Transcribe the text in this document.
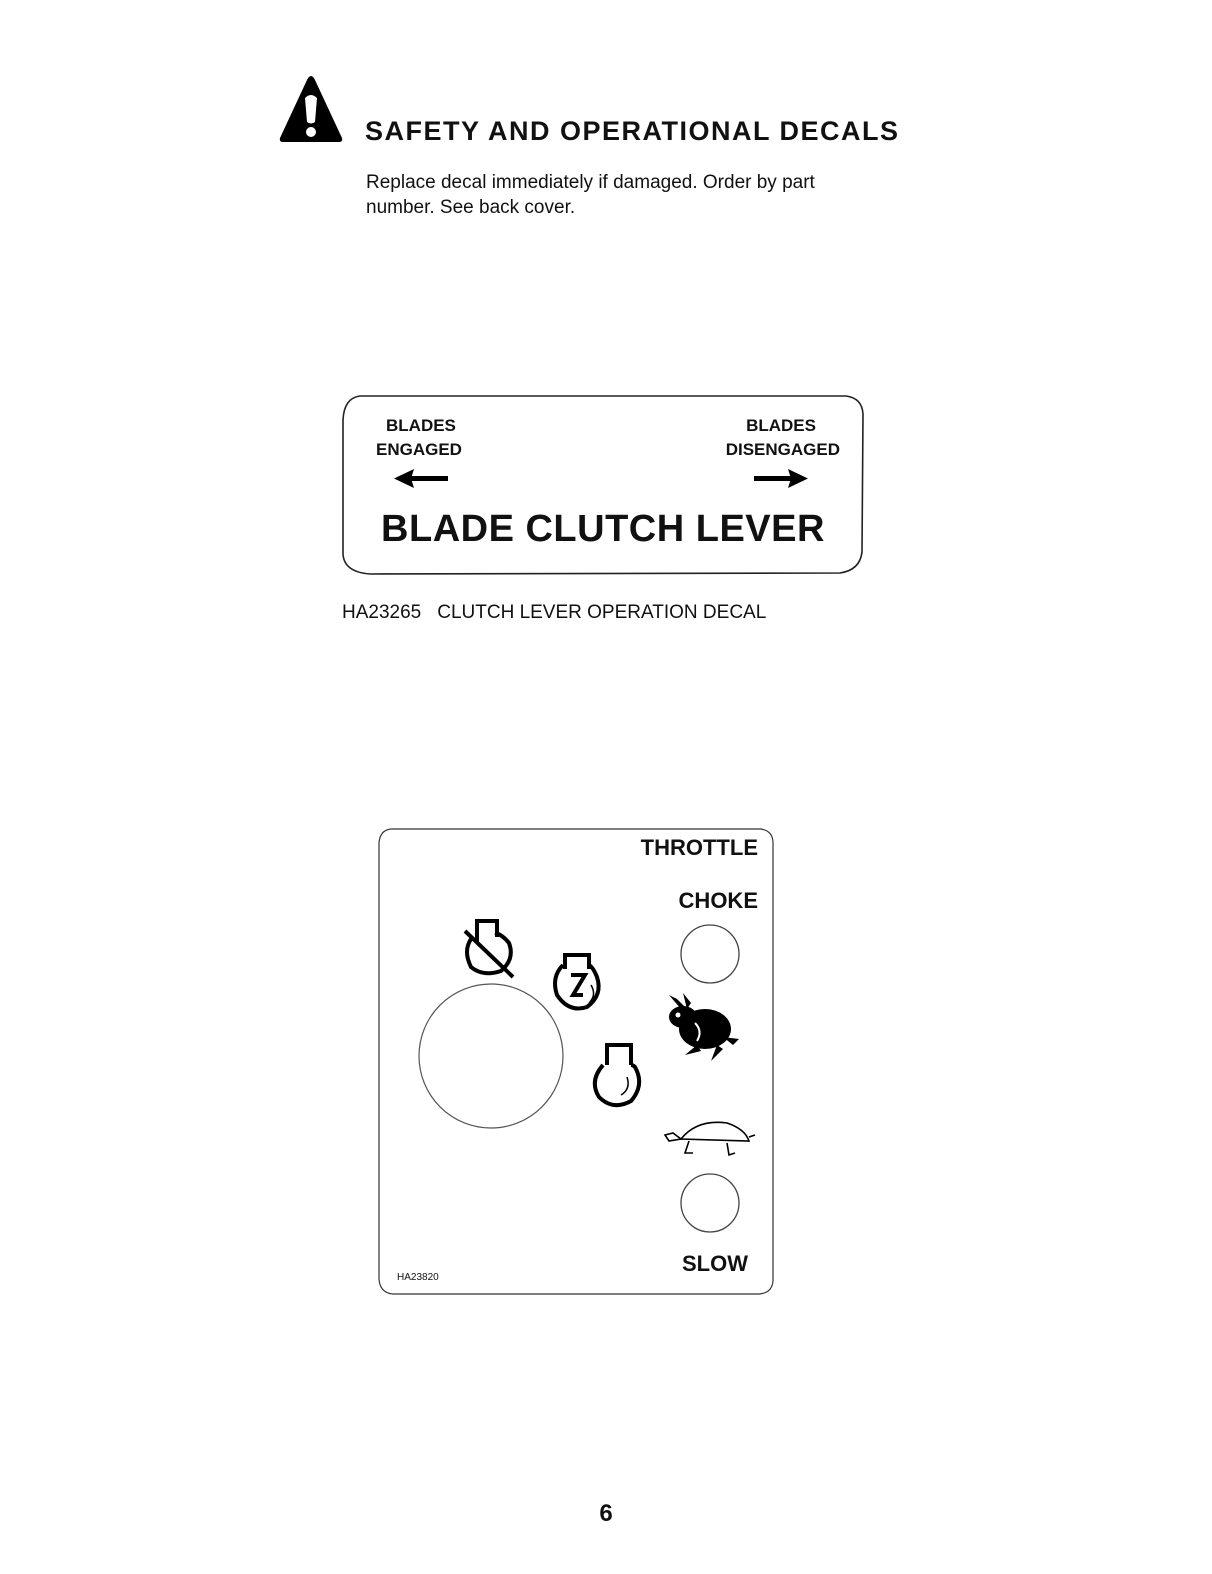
SAFETY AND OPERATIONAL DECALS
Replace decal immediately if damaged. Order by part number. See back cover.
BLADES
ENGAGED
BLADES
DISENGAGED
BLADE CLUTCH LEVER
HA23265 CLUTCH LEVER OPERATION DECAL
THROTTLE
CHOKE
SLOW
HA23820
6
